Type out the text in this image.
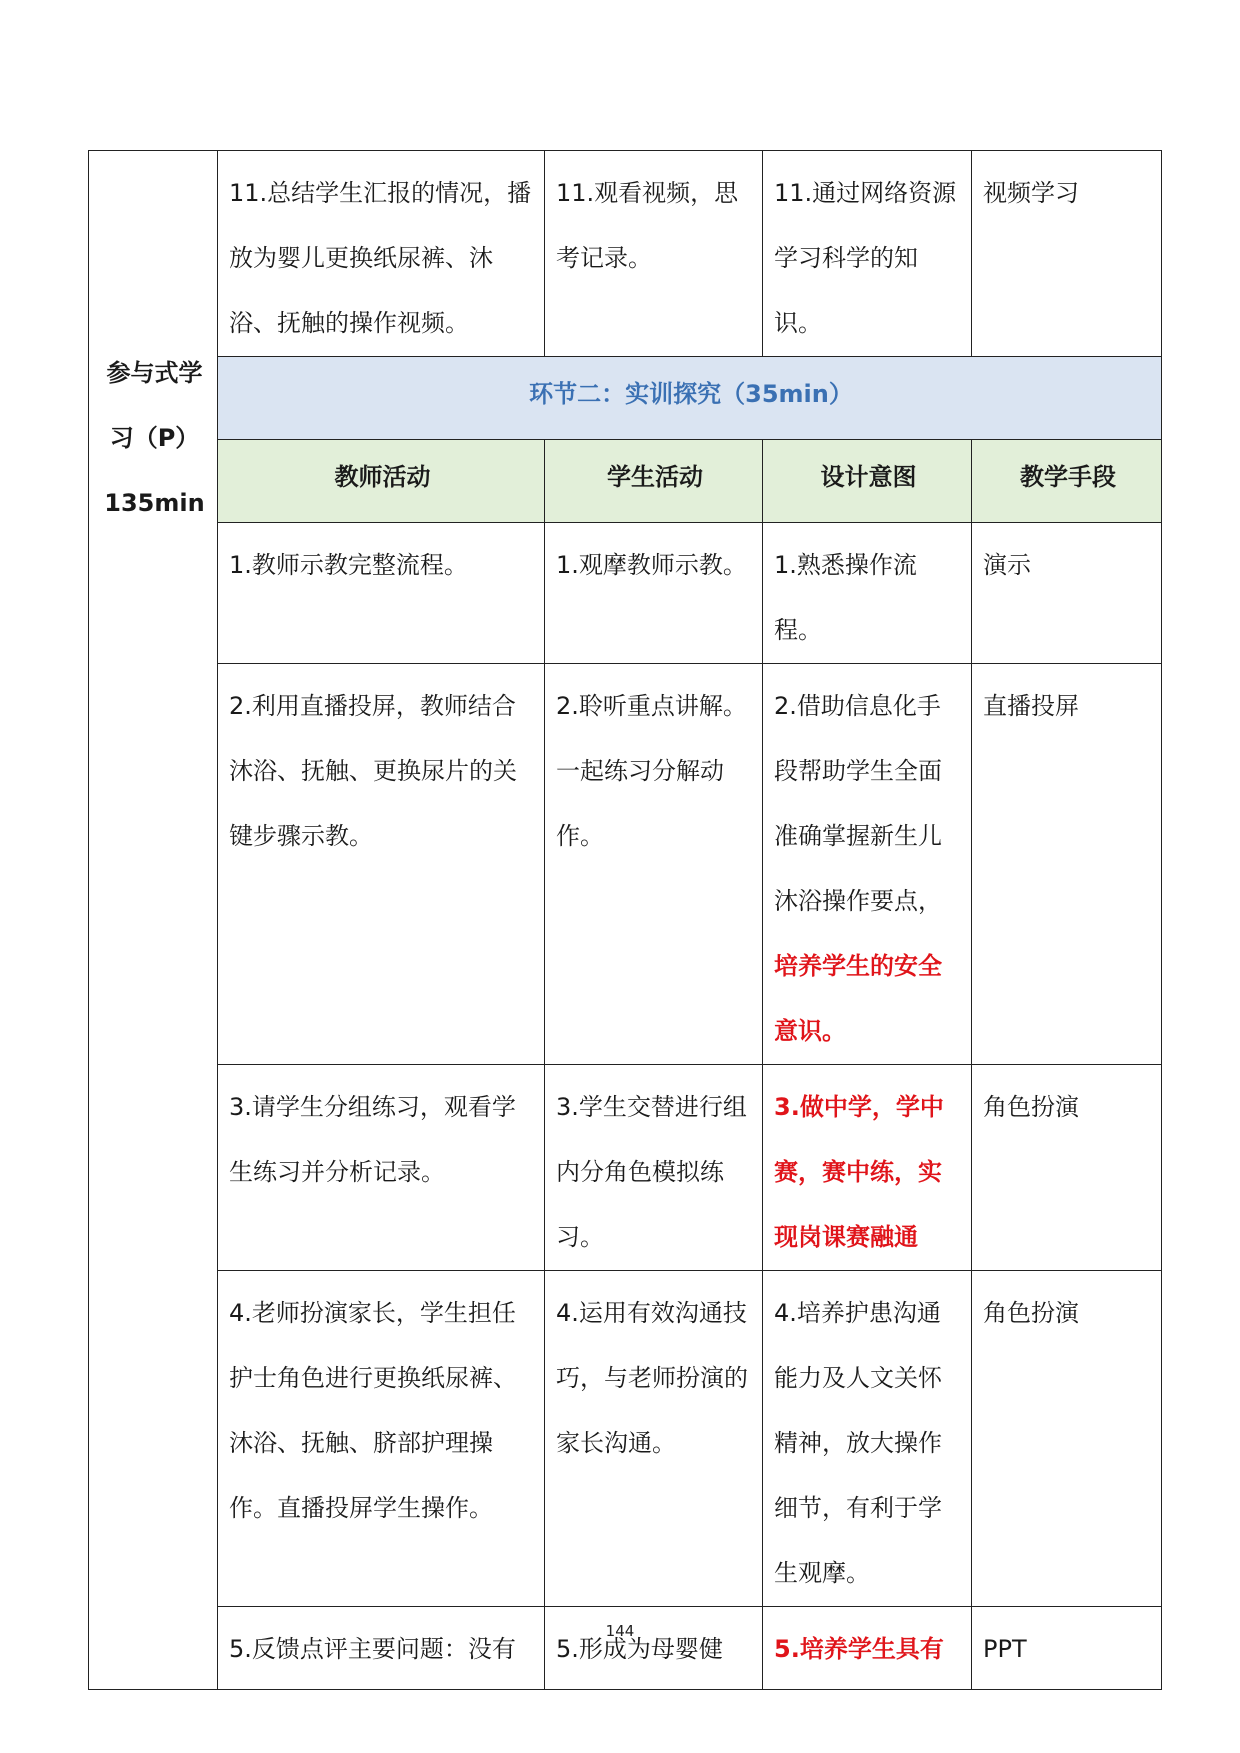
参与式学
习（P）
135min	11.总结学生汇报的情况，播放为婴儿更换纸尿裤、沐浴、抚触的操作视频。	11.观看视频，思考记录。	11.通过网络资源学习科学的知识。	视频学习
	环节二：实训探究（35min）			
	教师活动	学生活动	设计意图	教学手段
	1.教师示教完整流程。	1.观摩教师示教。	1.熟悉操作流程。	演示
	2.利用直播投屏，教师结合沐浴、抚触、更换尿片的关键步骤示教。	2.聆听重点讲解。一起练习分解动作。	2.借助信息化手段帮助学生全面准确掌握新生儿沐浴操作要点，培养学生的安全意识。	直播投屏
	3.请学生分组练习，观看学生练习并分析记录。	3.学生交替进行组内分角色模拟练习。	3.做中学，学中赛，赛中练，实现岗课赛融通	角色扮演
	4.老师扮演家长，学生担任护士角色进行更换纸尿裤、沐浴、抚触、脐部护理操作。直播投屏学生操作。	4.运用有效沟通技巧，与老师扮演的家长沟通。	4.培养护患沟通能力及人文关怀精神，放大操作细节，有利于学生观摩。	角色扮演
	5.反馈点评主要问题：没有	5.形成为母婴健	5.培养学生具有	PPT
144
